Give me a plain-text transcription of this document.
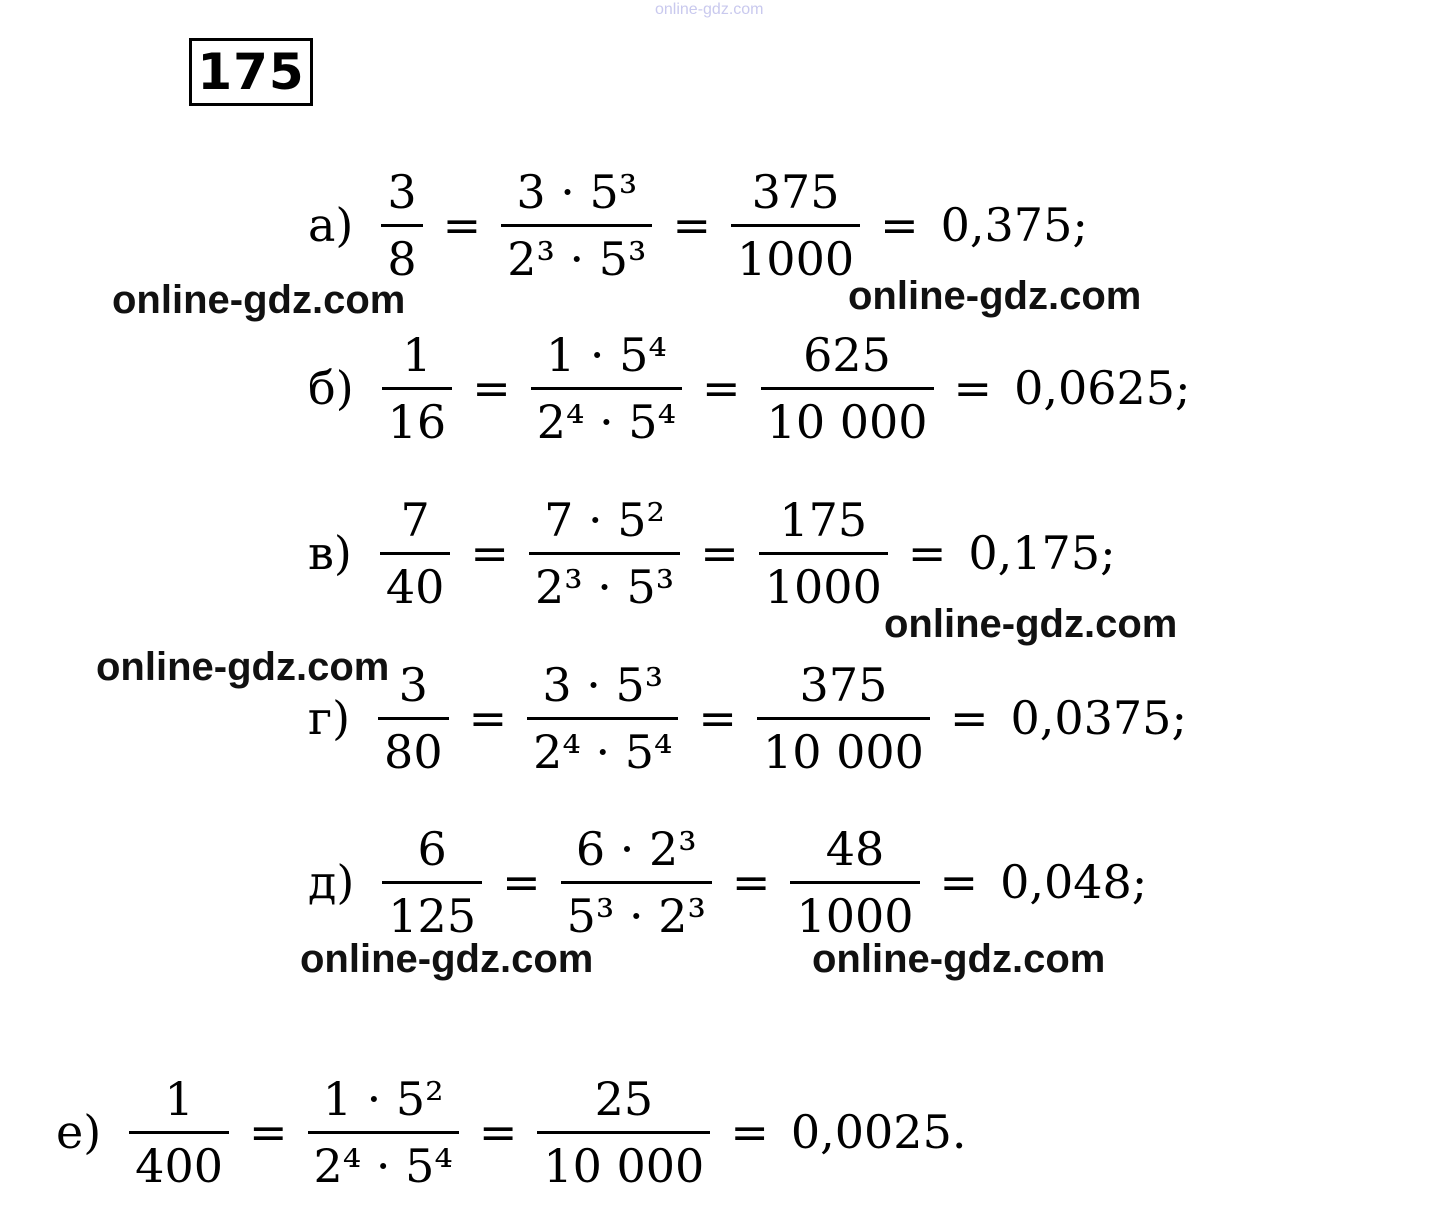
online-gdz.com
175
$а) \frac{3}{8} = \frac{\text{3 · 5³}}{\text{2³ · 5³}} = \frac{375}{1000} = 0,375$;
$б) \frac{1}{16} = \frac{\text{1 · 5⁴}}{\text{2⁴ · 5⁴}} = \frac{625}{10 000} = 0,0625$;
$в) \frac{7}{40} = \frac{\text{7 · 5²}}{\text{2³ · 5³}} = \frac{175}{1000} = 0,175$;
$г) \frac{3}{80} = \frac{\text{3 · 5³}}{\text{2⁴ · 5⁴}} = \frac{375}{10 000} = 0,0375$;
$д) \frac{6}{125} = \frac{\text{6 · 2³}}{\text{5³ · 2³}} = \frac{48}{1000} = 0,048$;
$е) \frac{1}{400} = \frac{\text{1 · 5²}}{\text{2⁴ · 5⁴}} = \frac{25}{10 000} = 0,0025$.
online-gdz.com	online-gdz.com
online-gdz.com
online-gdz.com
online-gdz.com	online-gdz.com
